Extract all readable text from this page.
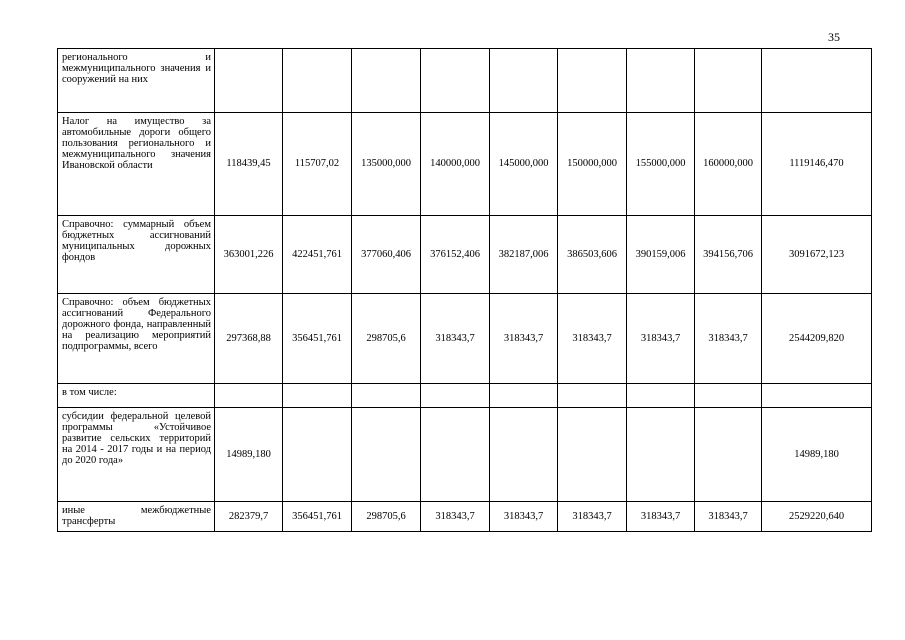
35
регионального и межмуниципального значения и сооружений на них									
Налог на имущество за автомобильные дороги общего пользования регионального и межмуниципального значения Ивановской области	118439,45	115707,02	135000,000	140000,000	145000,000	150000,000	155000,000	160000,000	1119146,470
Справочно: суммарный объем бюджетных ассигнований муниципальных дорожных фондов	363001,226	422451,761	377060,406	376152,406	382187,006	386503,606	390159,006	394156,706	3091672,123
Справочно: объем бюджетных ассигнований Федерального дорожного фонда, направленный на реализацию мероприятий подпрограммы, всего	297368,88	356451,761	298705,6	318343,7	318343,7	318343,7	318343,7	318343,7	2544209,820
в том числе:									
субсидии федеральной целевой программы «Устойчивое развитие сельских территорий на 2014 - 2017 годы и на период до 2020 года»	14989,180								14989,180
иные межбюджетные трансферты	282379,7	356451,761	298705,6	318343,7	318343,7	318343,7	318343,7	318343,7	2529220,640
